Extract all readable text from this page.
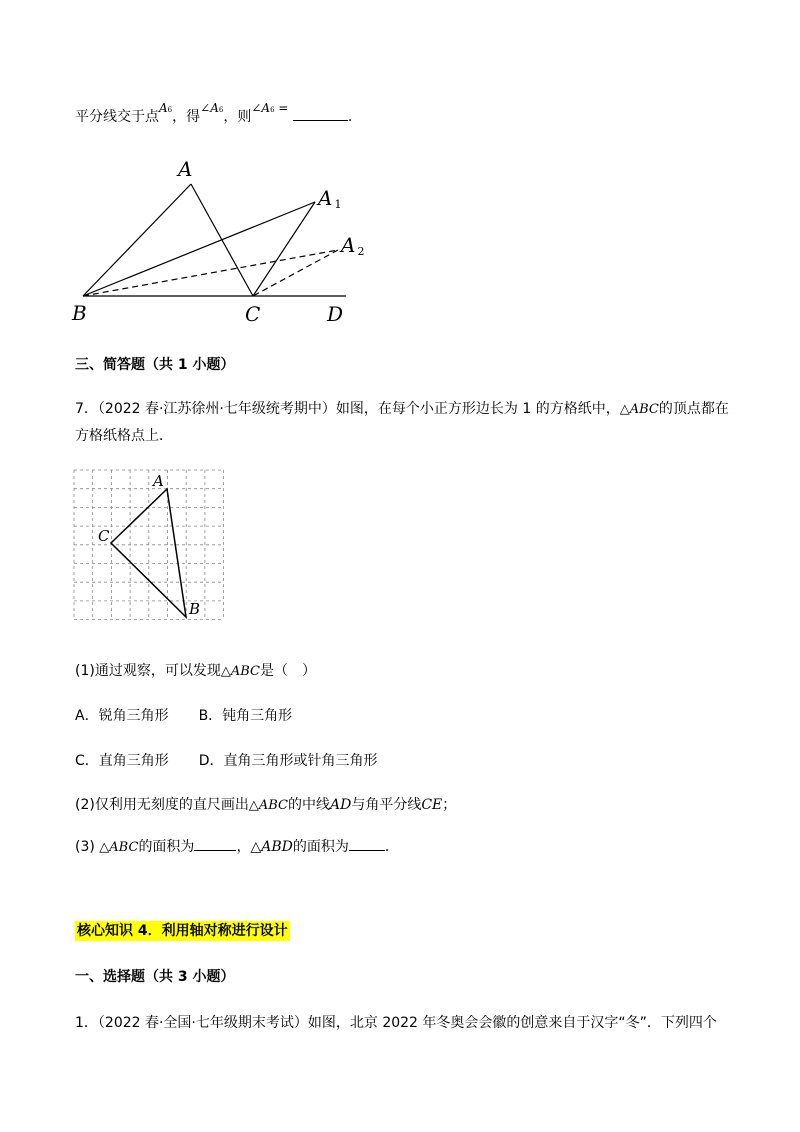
平分线交于点A6，得∠A6，则∠A6 = .
A
A 1
A 2
B	C	D
三、简答题（共 1 小题）
7．（2022 春·江苏徐州·七年级统考期中）如图，在每个小正方形边长为 1 的方格纸中，△ABC的顶点都在
方格纸格点上．
A
C
B
(1)通过观察，可以发现△ABC是（　）
A．锐角三角形 B．钝角三角形
C．直角三角形 D．直角三角形或针角三角形
(2)仅利用无刻度的直尺画出△ABC的中线AD与角平分线CE；
(3) △ABC的面积为	，△ABD的面积为	．
核心知识 4．利用轴对称进行设计
一、选择题（共 3 小题）
1．（2022 春·全国·七年级期末考试）如图，北京 2022 年冬奥会会徽的创意来自于汉字“冬”．下列四个
